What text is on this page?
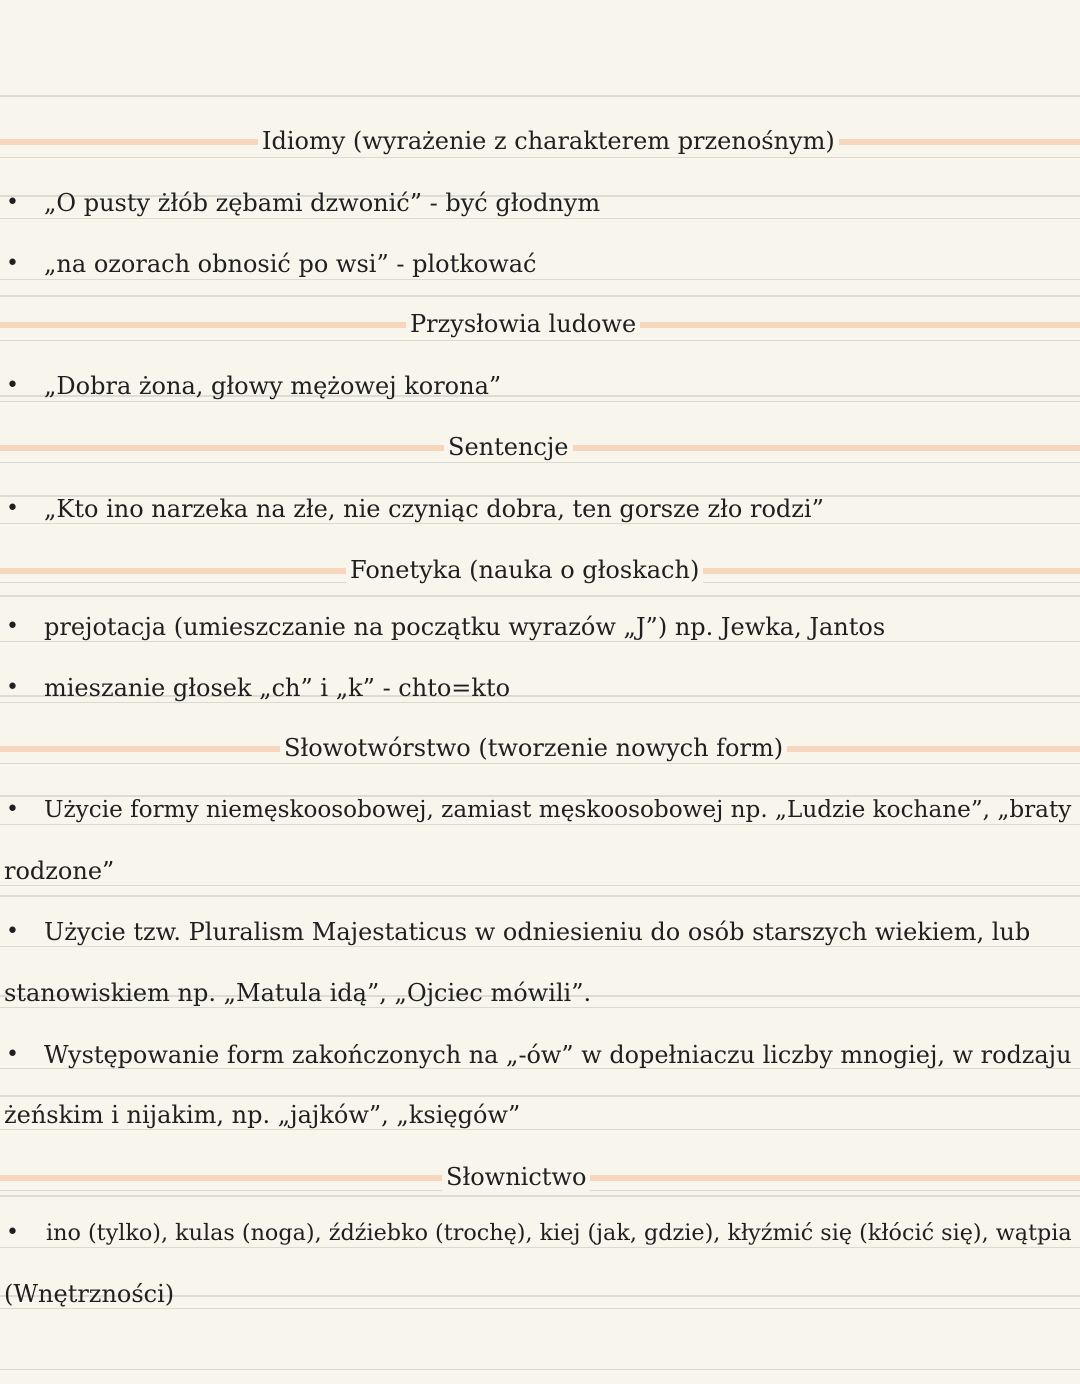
Idiomy (wyrażenie z charakterem przenośnym)
• „O pusty żłób zębami dzwonić” - być głodnym
• „na ozorach obnosić po wsi” - plotkować
Przysłowia ludowe
• „Dobra żona, głowy mężowej korona”
Sentencje
• „Kto ino narzeka na złe, nie czyniąc dobra, ten gorsze zło rodzi”
Fonetyka (nauka o głoskach)
• prejotacja (umieszczanie na początku wyrazów „J”) np. Jewka, Jantos
• mieszanie głosek „ch” i „k” - chto=kto
Słowotwórstwo (tworzenie nowych form)
• Użycie formy niemęskoosobowej, zamiast męskoosobowej np. „Ludzie kochane”, „braty
rodzone”
• Użycie tzw. Pluralism Majestaticus w odniesieniu do osób starszych wiekiem, lub
stanowiskiem np. „Matula idą”, „Ojciec mówili”.
• Występowanie form zakończonych na „-ów” w dopełniaczu liczby mnogiej, w rodzaju
żeńskim i nijakim, np. „jajków”, „księgów”
Słownictwo
• ino (tylko), kulas (noga), źdźiebko (trochę), kiej (jak, gdzie), kłyźmić się (kłócić się), wątpia
(Wnętrzności)
